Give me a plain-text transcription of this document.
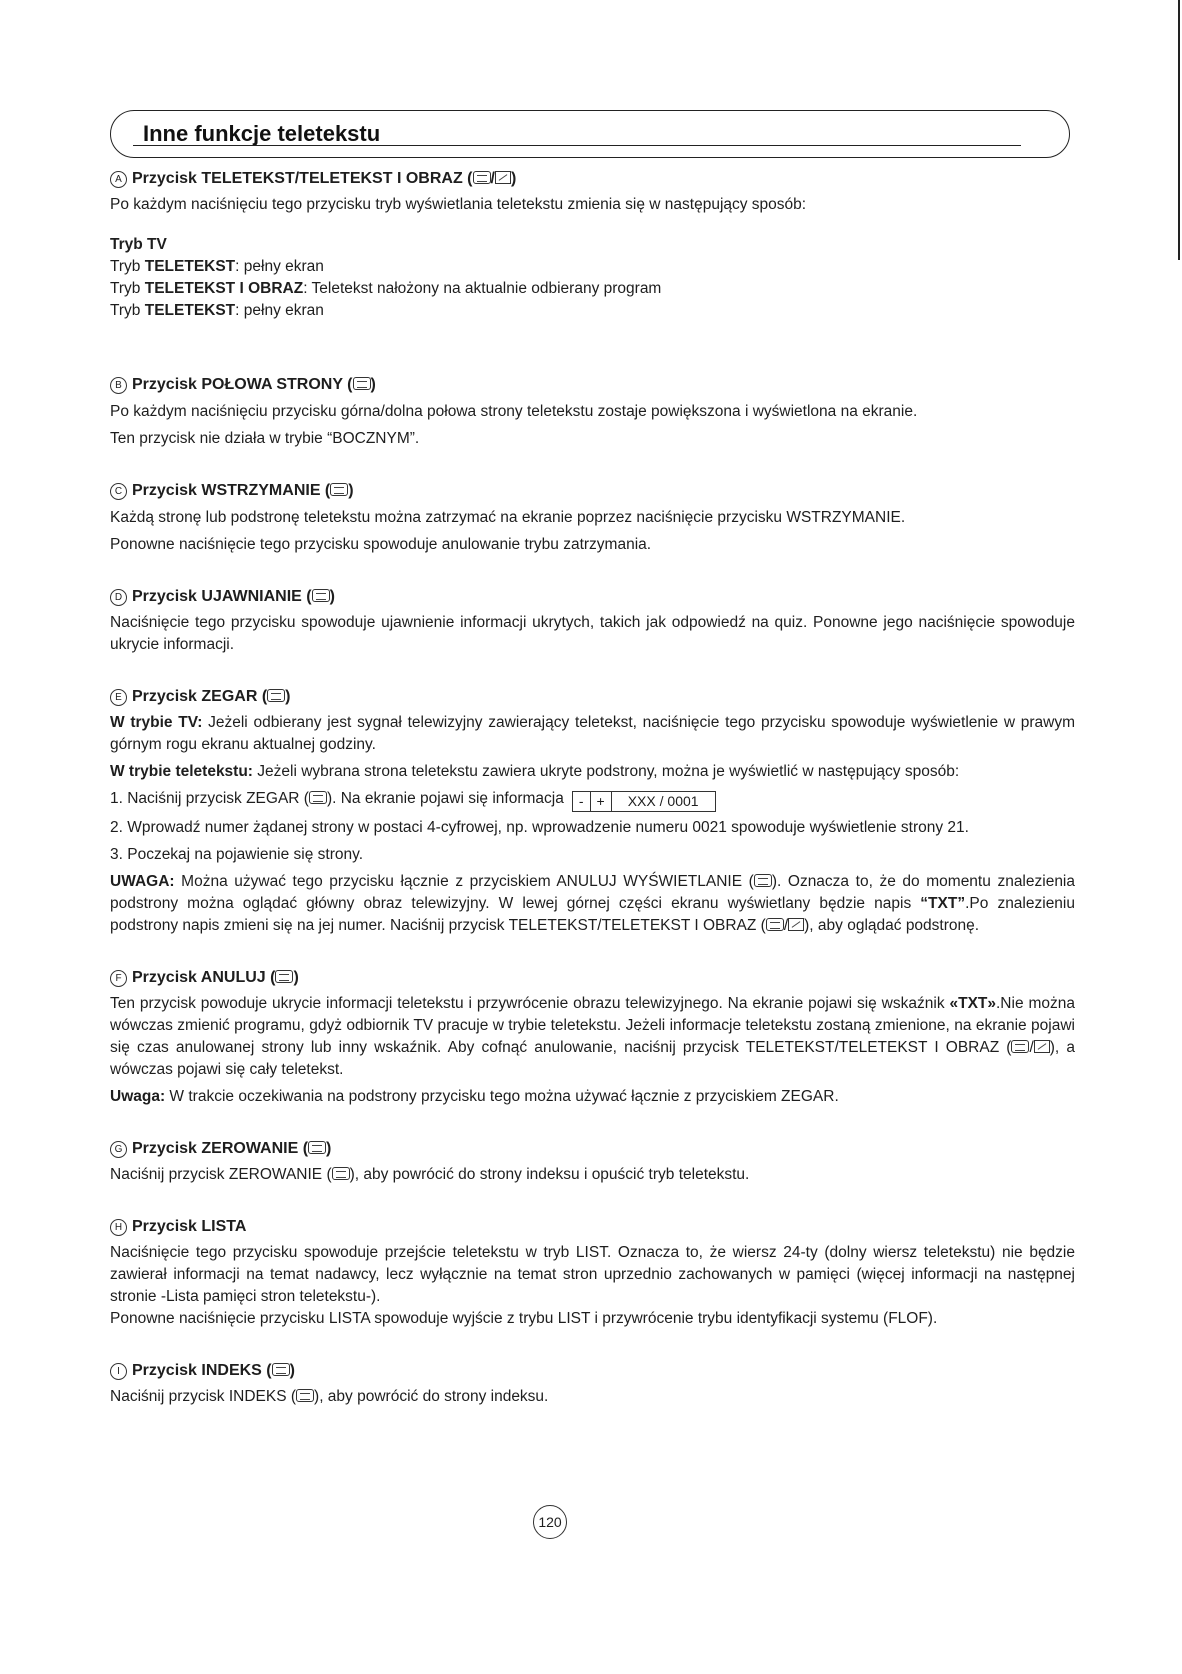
Inne funkcje teletekstu
A Przycisk TELETEKST/TELETEKST I OBRAZ ( / )

Po każdym naciśnięciu tego przycisku tryb wyświetlania teletekstu zmienia się w następujący sposób:

Tryb TV

Tryb TELETEKST: pełny ekran

Tryb TELETEKST I OBRAZ: Teletekst nałożony na aktualnie odbierany program

Tryb TELETEKST: pełny ekran

B Przycisk POŁOWA STRONY ( )

Po każdym naciśnięciu przycisku górna/dolna połowa strony teletekstu zostaje powiększona i wyświetlona na ekranie.

Ten przycisk nie działa w trybie “BOCZNYM”.

C Przycisk WSTRZYMANIE ( )

Każdą stronę lub podstronę teletekstu można zatrzymać na ekranie poprzez naciśnięcie przycisku WSTRZYMANIE.

Ponowne naciśnięcie tego przycisku spowoduje anulowanie trybu zatrzymania.

D Przycisk UJAWNIANIE ( )

Naciśnięcie tego przycisku spowoduje ujawnienie informacji ukrytych, takich jak odpowiedź na quiz. Ponowne jego naciśnięcie spowoduje ukrycie informacji.

E Przycisk ZEGAR ( )

W trybie TV: Jeżeli odbierany jest sygnał telewizyjny zawierający teletekst, naciśnięcie tego przycisku spowoduje wyświetlenie w prawym górnym rogu ekranu aktualnej godziny.

W trybie teletekstu: Jeżeli wybrana strona teletekstu zawiera ukryte podstrony, można je wyświetlić w następujący sposób:

1. Naciśnij przycisk ZEGAR ( ). Na ekranie pojawi się informacja	- +	XXX / 0001

2. Wprowadź numer żądanej strony w postaci 4-cyfrowej, np. wprowadzenie numeru 0021 spowoduje wyświetlenie strony 21.

3. Poczekaj na pojawienie się strony.

UWAGA: Można używać tego przycisku łącznie z przyciskiem ANULUJ WYŚWIETLANIE ( ). Oznacza to, że do momentu znalezienia podstrony można oglądać główny obraz telewizyjny. W lewej górnej części ekranu wyświetlany będzie napis “TXT”.Po znalezieniu podstrony napis zmieni się na jej numer. Naciśnij przycisk TELETEKST/TELETEKST I OBRAZ ( / ), aby oglądać podstronę.

F Przycisk ANULUJ ( )

Ten przycisk powoduje ukrycie informacji teletekstu i przywrócenie obrazu telewizyjnego. Na ekranie pojawi się wskaźnik «TXT».Nie można wówczas zmienić programu, gdyż odbiornik TV pracuje w trybie teletekstu. Jeżeli informacje teletekstu zostaną zmienione, na ekranie pojawi się czas anulowanej strony lub inny wskaźnik. Aby cofnąć anulowanie, naciśnij przycisk TELETEKST/TELETEKST I OBRAZ ( / ), a wówczas pojawi się cały teletekst.

Uwaga: W trakcie oczekiwania na podstrony przycisku tego można używać łącznie z przyciskiem ZEGAR.

G Przycisk ZEROWANIE ( )

Naciśnij przycisk ZEROWANIE ( ), aby powrócić do strony indeksu i opuścić tryb teletekstu.

H Przycisk LISTA

Naciśnięcie tego przycisku spowoduje przejście teletekstu w tryb LIST. Oznacza to, że wiersz 24-ty (dolny wiersz teletekstu) nie będzie zawierał informacji na temat nadawcy, lecz wyłącznie na temat stron uprzednio zachowanych w pamięci (więcej informacji na następnej stronie -Lista pamięci stron teletekstu-).

Ponowne naciśnięcie przycisku LISTA spowoduje wyjście z trybu LIST i przywrócenie trybu identyfikacji systemu (FLOF).

I Przycisk INDEKS ( )

Naciśnij przycisk INDEKS ( ), aby powrócić do strony indeksu.

120
